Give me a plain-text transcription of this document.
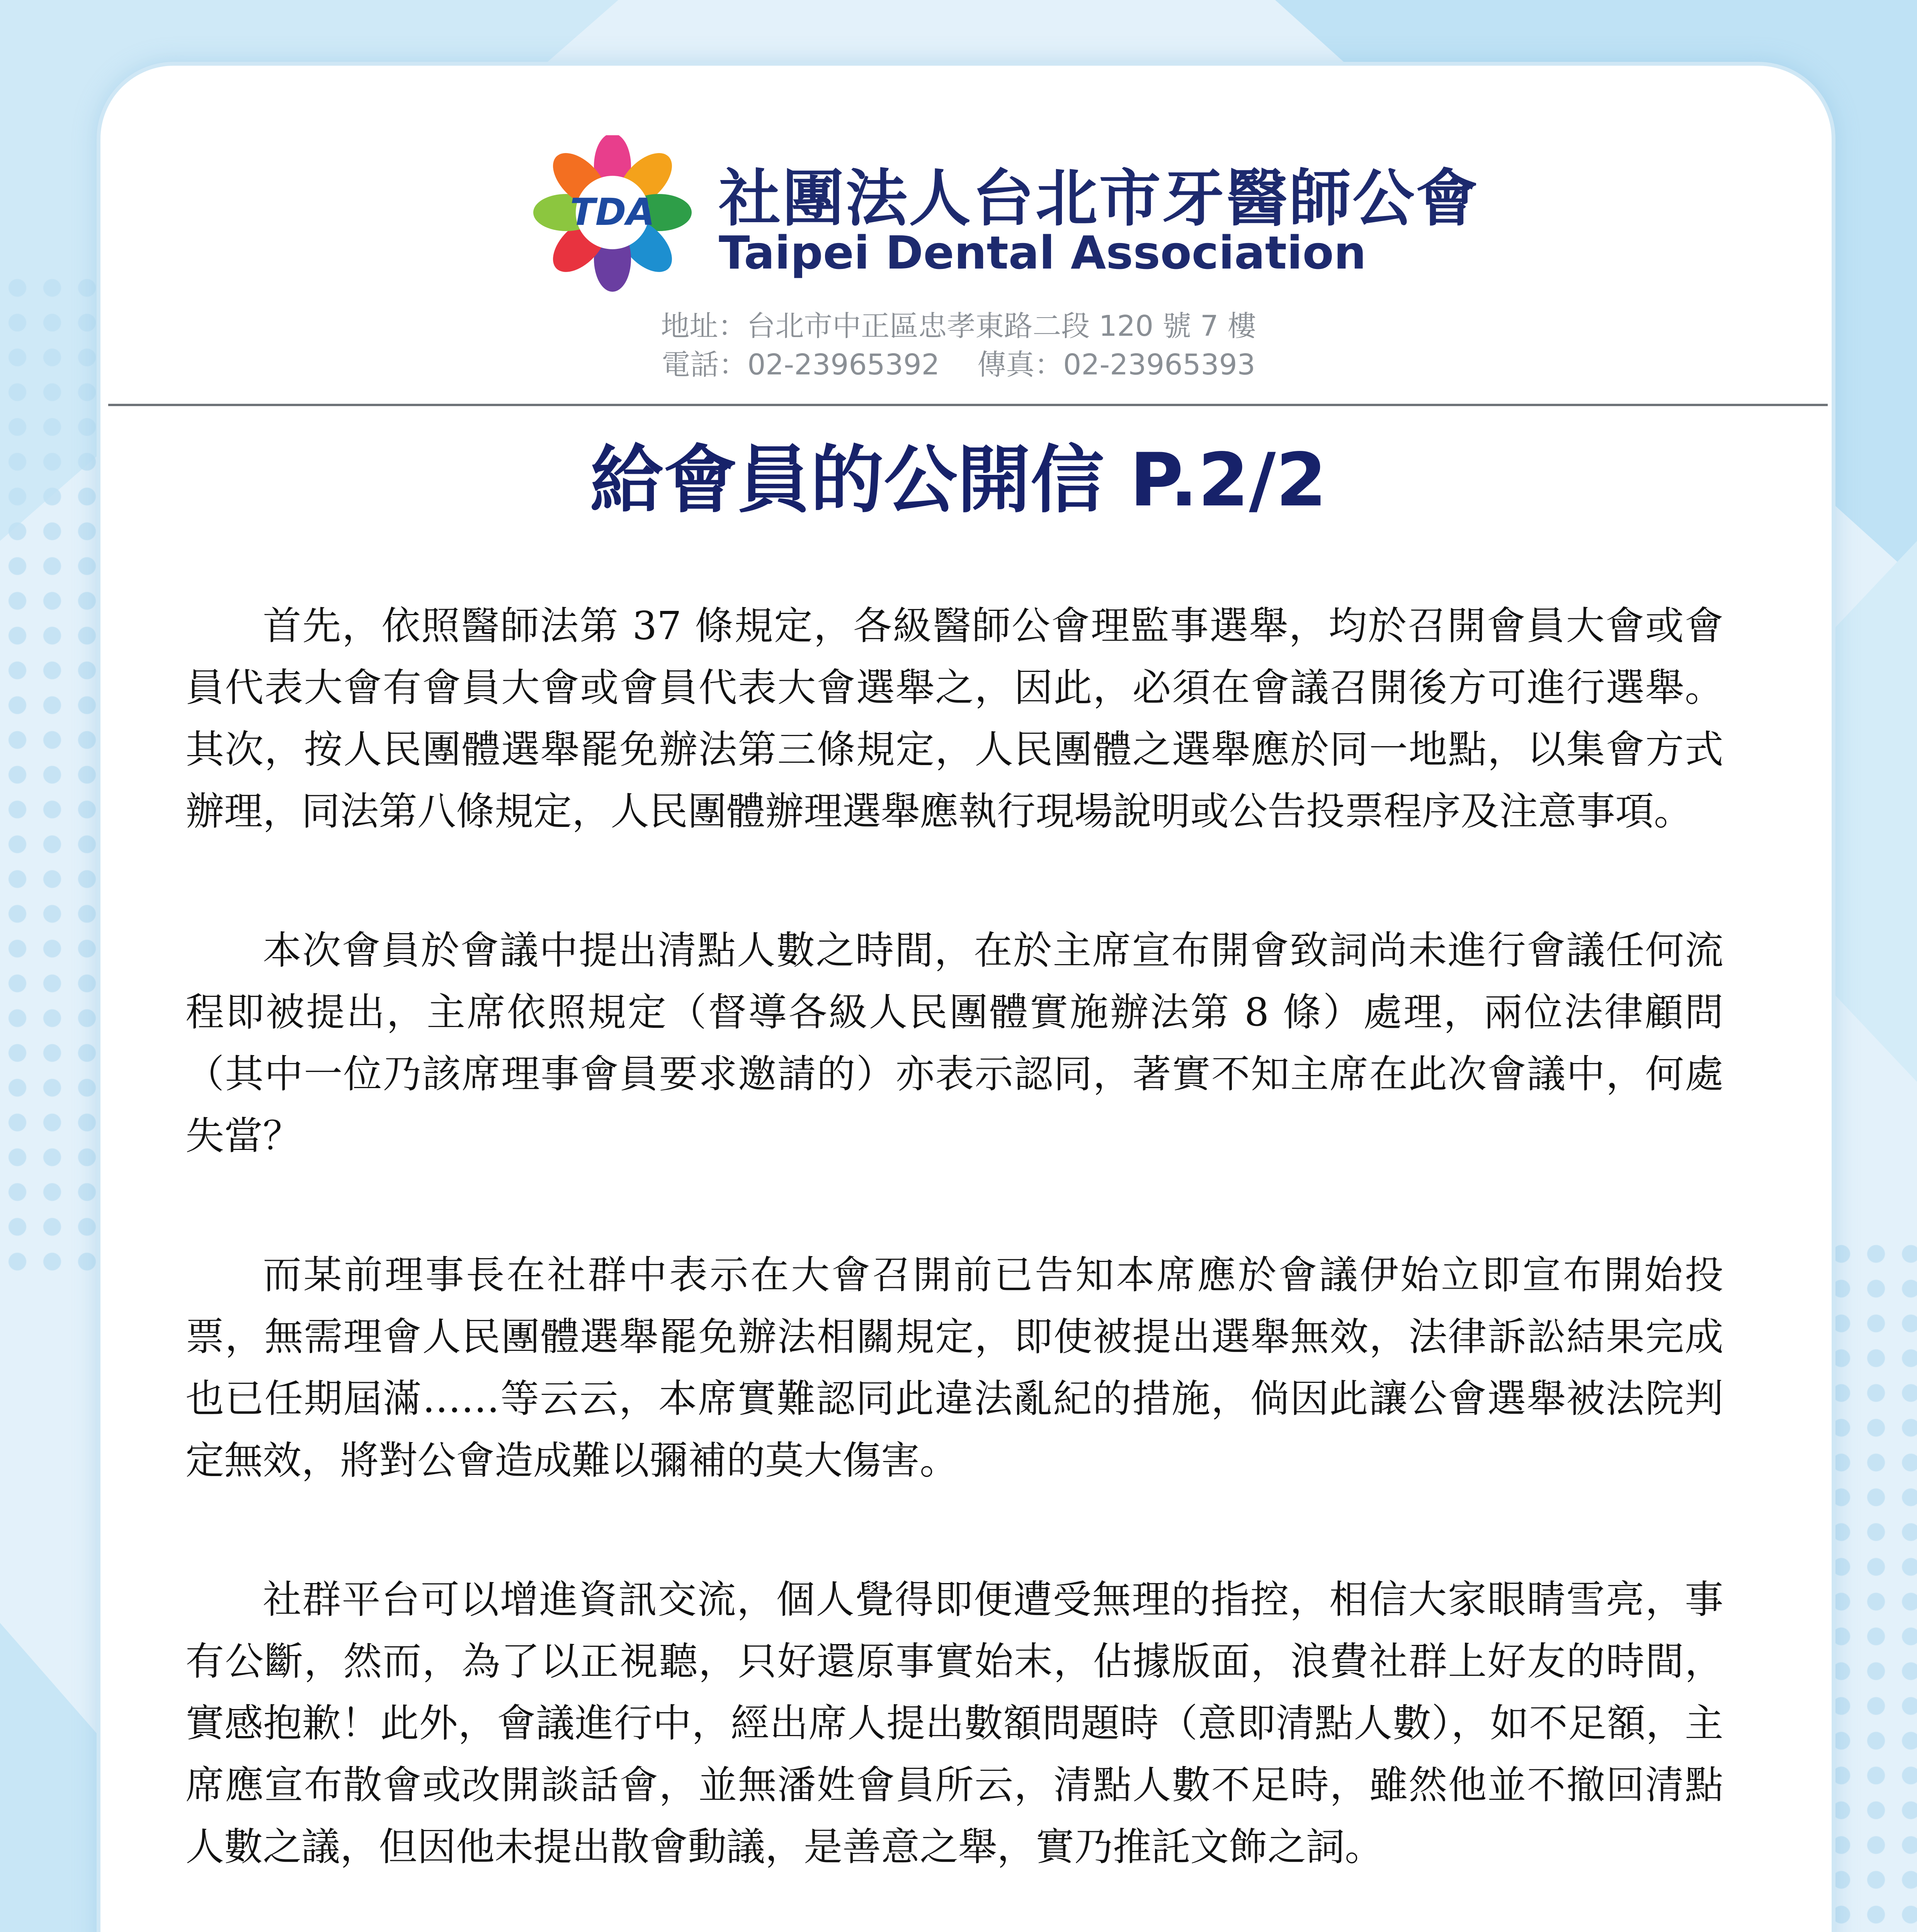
TDA 社團法人台北市牙醫師公會
Taipei Dental Association
地址：台北市中正區忠孝東路二段 120 號 7 樓
電話：02-23965392　 傳真：02-23965393
給會員的公開信 P.2/2

首先，依照醫師法第 37 條規定，各級醫師公會理監事選舉，均於召開會員大會或會員代表大會有會員大會或會員代表大會選舉之，因此，必須在會議召開後方可進行選舉。其次，按人民團體選舉罷免辦法第三條規定，人民團體之選舉應於同一地點，以集會方式辦理，同法第八條規定，人民團體辦理選舉應執行現場說明或公告投票程序及注意事項。

本次會員於會議中提出清點人數之時間，在於主席宣布開會致詞尚未進行會議任何流程即被提出，主席依照規定（督導各級人民團體實施辦法第 8 條）處理，兩位法律顧問（其中一位乃該席理事會員要求邀請的）亦表示認同，著實不知主席在此次會議中，何處失當？

而某前理事長在社群中表示在大會召開前已告知本席應於會議伊始立即宣布開始投票，無需理會人民團體選舉罷免辦法相關規定，即使被提出選舉無效，法律訴訟結果完成也已任期屆滿……等云云，本席實難認同此違法亂紀的措施，倘因此讓公會選舉被法院判定無效，將對公會造成難以彌補的莫大傷害。

社群平台可以增進資訊交流，個人覺得即便遭受無理的指控，相信大家眼睛雪亮，事有公斷，然而，為了以正視聽，只好還原事實始末，佔據版面，浪費社群上好友的時間，實感抱歉！此外，會議進行中，經出席人提出數額問題時（意即清點人數），如不足額，主席應宣布散會或改開談話會，並無潘姓會員所云，清點人數不足時，雖然他並不撤回清點人數之議，但因他未提出散會動議，是善意之舉，實乃推託文飾之詞。
